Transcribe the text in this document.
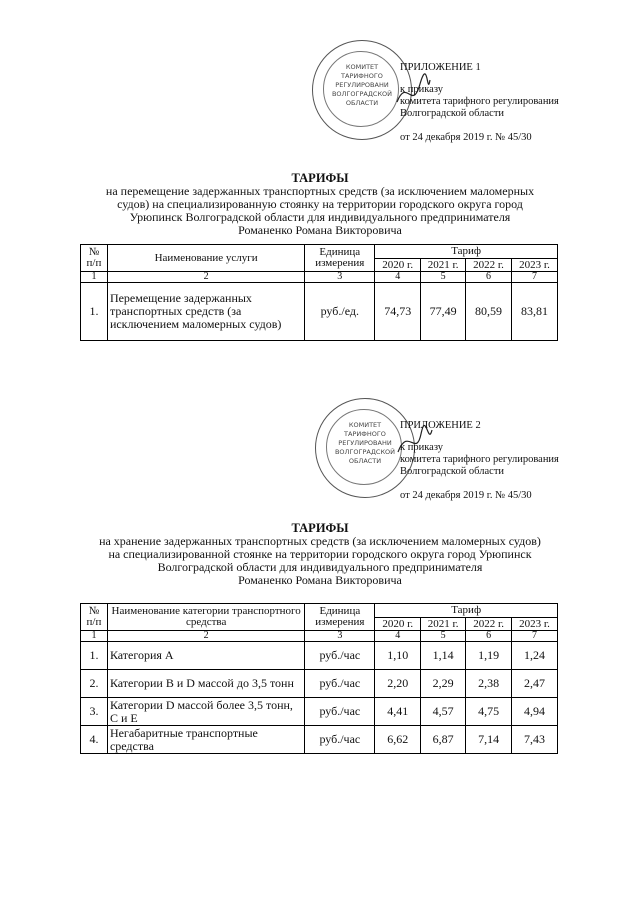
КОМИТЕТ
ТАРИФНОГО
РЕГУЛИРОВАНИ
ВОЛГОГРАДСКОЙ
ОБЛАСТИ
ПРИЛОЖЕНИЕ 1
к приказу
комитета тарифного регулирования
Волгоградской области
от 24 декабря 2019 г. № 45/30
ТАРИФЫ
на перемещение задержанных транспортных средств (за исключением маломерных
судов) на специализированную стоянку на территории городского округа город
Урюпинск Волгоградской области для индивидуального предпринимателя
Романенко Романа Викторовича
№ п/п	Наименование услуги	Единица измерения	Тариф			
			2020 г.	2021 г.	2022 г.	2023 г.
1	2	3	4	5	6	7
1.	Перемещение задержанных транспортных средств (за исключением маломерных судов)	руб./ед.	74,73	77,49	80,59	83,81
КОМИТЕТ
ТАРИФНОГО
РЕГУЛИРОВАНИ
ВОЛГОГРАДСКОЙ
ОБЛАСТИ
ПРИЛОЖЕНИЕ 2
к приказу
комитета тарифного регулирования
Волгоградской области
от 24 декабря 2019 г. № 45/30
ТАРИФЫ
на хранение задержанных транспортных средств (за исключением маломерных судов)
на специализированной стоянке на территории городского округа город Урюпинск
Волгоградской области для индивидуального предпринимателя
Романенко Романа Викторовича
№ п/п	Наименование категории транспортного средства	Единица измерения	Тариф			
			2020 г.	2021 г.	2022 г.	2023 г.
1	2	3	4	5	6	7
1.	Категория А	руб./час	1,10	1,14	1,19	1,24
2.	Категории В и D массой до 3,5 тонн	руб./час	2,20	2,29	2,38	2,47
3.	Категории D массой более 3,5 тонн, С и Е	руб./час	4,41	4,57	4,75	4,94
4.	Негабаритные транспортные средства	руб./час	6,62	6,87	7,14	7,43
